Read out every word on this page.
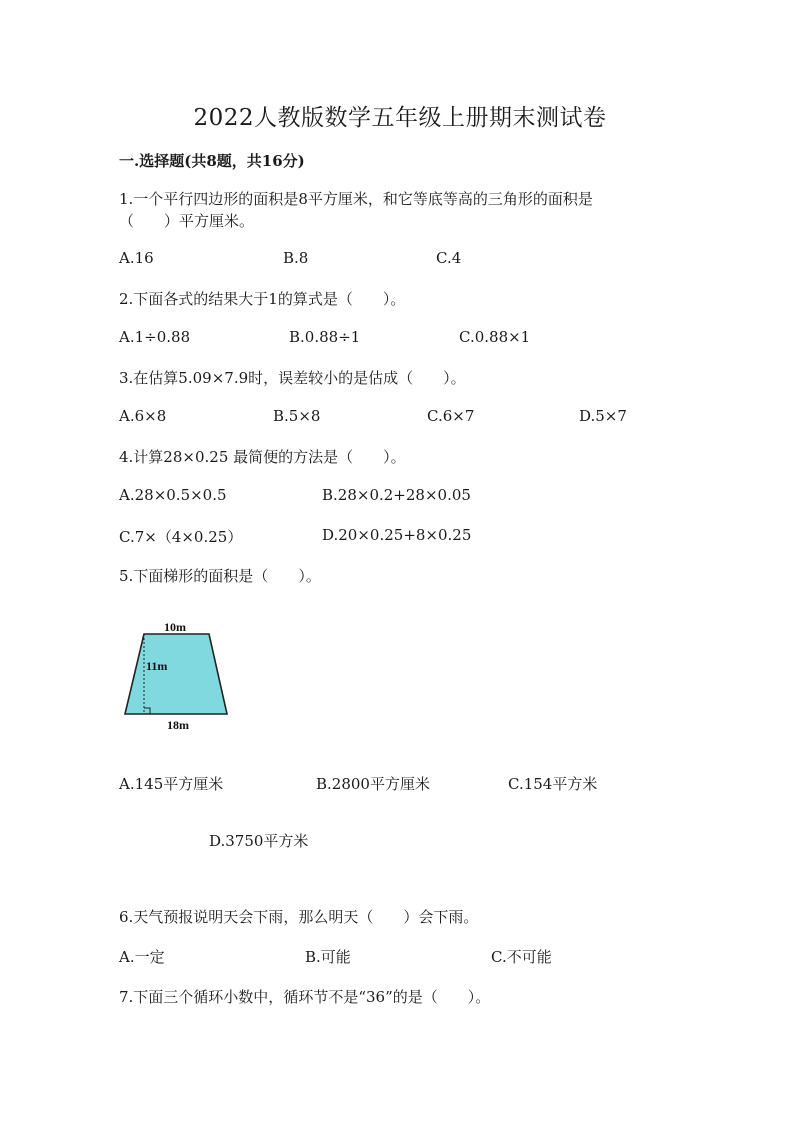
2022人教版数学五年级上册期末测试卷
一.选择题(共8题，共16分)
1.一个平行四边形的面积是8平方厘米，和它等底等高的三角形的面积是
（　　）平方厘米。
A.16	B.8	C.4
2.下面各式的结果大于1的算式是（　　）。
A.1÷0.88	B.0.88÷1	C.0.88×1
3.在估算5.09×7.9时，误差较小的是估成（　　）。
A.6×8	B.5×8	C.6×7	D.5×7
4.计算28×0.25 最简便的方法是（　　）。
A.28×0.5×0.5	B.28×0.2+28×0.05
C.7×（4×0.25）	D.20×0.25+8×0.25
5.下面梯形的面积是（　　）。
10m
11m
18m
A.145平方厘米	B.2800平方厘米	C.154平方米
D.3750平方米
6.天气预报说明天会下雨，那么明天（　　）会下雨。
A.一定	B.可能	C.不可能
7.下面三个循环小数中，循环节不是“36”的是（　　）。
